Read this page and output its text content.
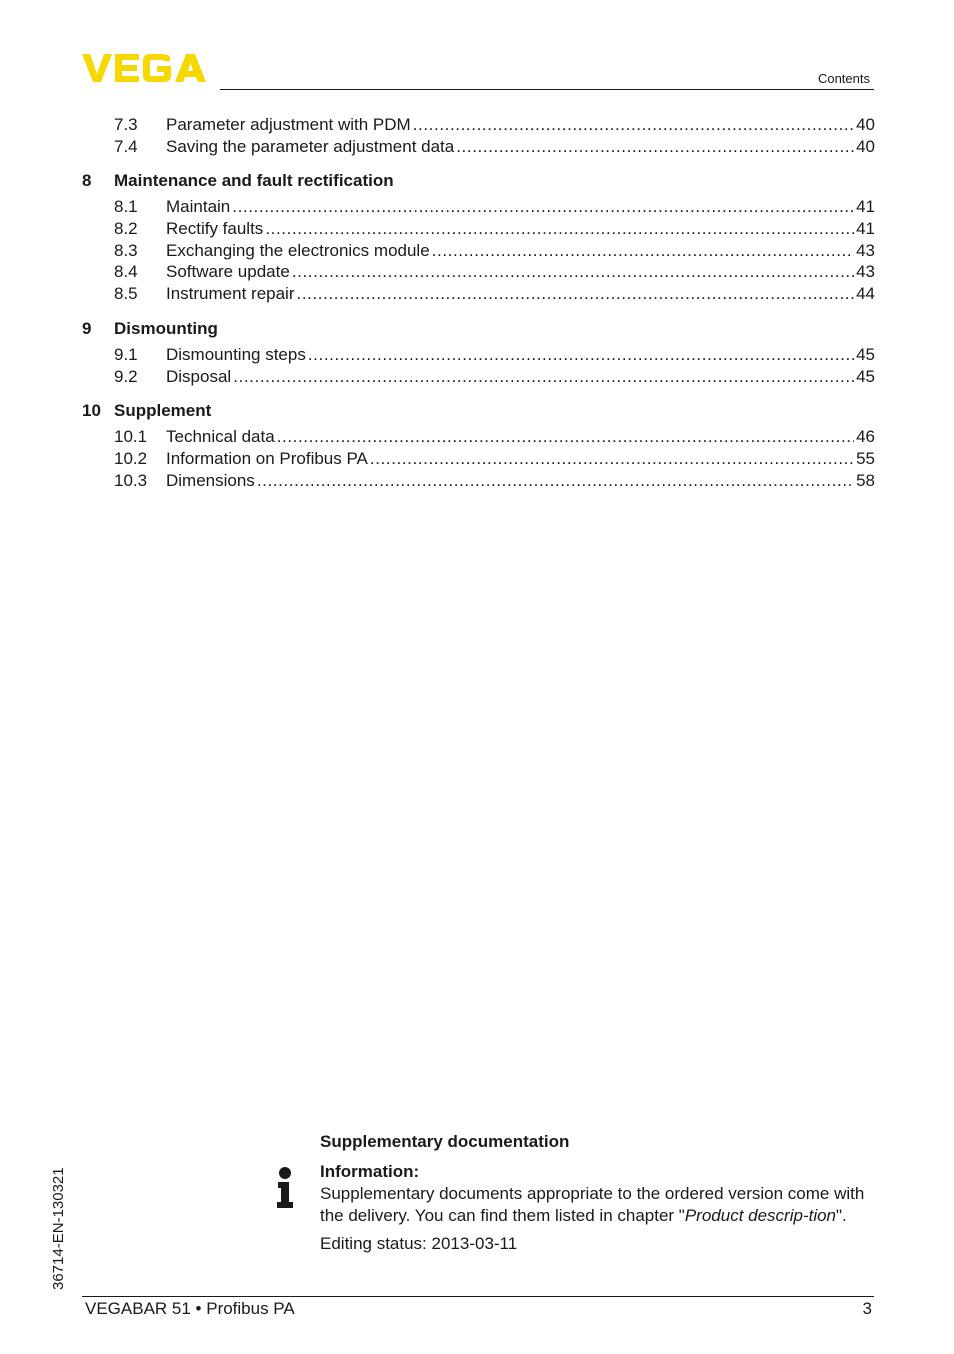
Contents
7.3	Parameter adjustment with PDM .....	40
7.4	Saving the parameter adjustment data .....	40
8	Maintenance and fault rectification
8.1	Maintain .....	41
8.2	Rectify faults .....	41
8.3	Exchanging the electronics module .....	43
8.4	Software update .....	43
8.5	Instrument repair .....	44
9	Dismounting
9.1	Dismounting steps .....	45
9.2	Disposal .....	45
10 Supplement
10.1	Technical data .....	46
10.2	Information on Profibus PA .....	55
10.3	Dimensions .....	58
36714-EN-130321
Supplementary documentation
Information:

Supplementary documents appropriate to the ordered version come with the delivery. You can find them listed in chapter "Product descrip-tion".

Editing status: 2013-03-11
VEGABAR 51 • Profibus PA	3
